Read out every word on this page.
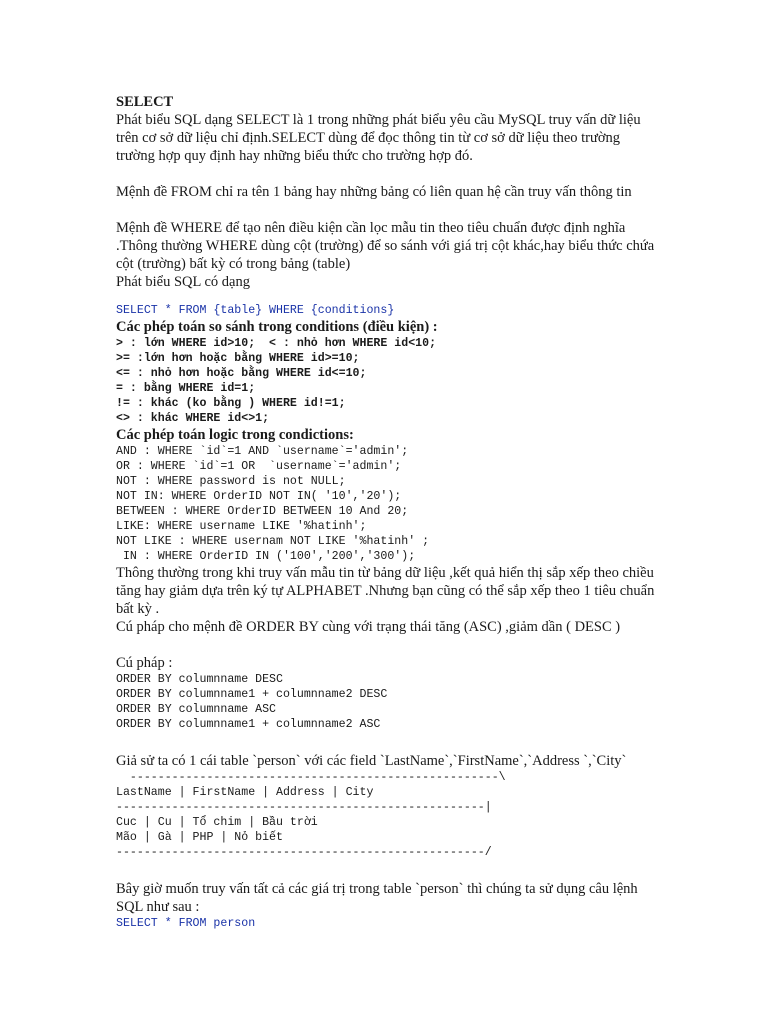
SELECT

Phát biểu SQL dạng SELECT là 1 trong những phát biểu yêu cầu MySQL truy vấn dữ liệu trên cơ sở dữ liệu chỉ định.SELECT dùng để đọc thông tin từ cơ sở dữ liệu theo trường trường hợp quy định hay những biểu thức cho trường hợp đó.

Mệnh đề FROM chỉ ra tên 1 bảng hay những bảng có liên quan hệ cần truy vấn thông tin

Mệnh đề WHERE để tạo nên điều kiện cần lọc mẫu tin theo tiêu chuẩn được định nghĩa .Thông thường WHERE dùng cột (trường) để so sánh với giá trị cột khác,hay biểu thức chứa cột (trường) bất kỳ có trong bảng (table)

Phát biểu SQL có dạng

SELECT * FROM {table} WHERE {conditions}
Các phép toán so sánh trong conditions (điều kiện) :
> : lớn WHERE id>10;  < : nhỏ hơn WHERE id<10;
>= :lớn hơn hoặc bằng WHERE id>=10;
<= : nhỏ hơn hoặc bằng WHERE id<=10;
= : bằng WHERE id=1;
!= : khác (ko bằng ) WHERE id!=1;
<> : khác WHERE id<>1;
Các phép toán logic trong condictions:
AND : WHERE `id`=1 AND `username`='admin';
OR : WHERE `id`=1 OR  `username`='admin';
NOT : WHERE password is not NULL;
NOT IN: WHERE OrderID NOT IN( '10','20');
BETWEEN : WHERE OrderID BETWEEN 10 And 20;
LIKE: WHERE username LIKE '%hatinh';
NOT LIKE : WHERE usernam NOT LIKE '%hatinh' ;
IN : WHERE OrderID IN ('100','200','300');

Thông thường trong khi truy vấn mẫu tin từ bảng dữ liệu ,kết quả hiển thị sắp xếp theo chiều tăng hay giảm dựa trên ký tự ALPHABET .Nhưng bạn cũng có thể sắp xếp theo 1 tiêu chuẩn bất kỳ .

Cú pháp cho mệnh đề ORDER BY cùng với trạng thái tăng (ASC) ,giảm dần ( DESC )

Cú pháp :

ORDER BY columnname DESC
ORDER BY columnname1 + columnname2 DESC
ORDER BY columnname ASC
ORDER BY columnname1 + columnname2 ASC

Giả sử ta có 1 cái table `person` với các field `LastName`,`FirstName`,`Address `,`City`

-----------------------------------------------------\
LastName | FirstName | Address | City
-----------------------------------------------------|
Cuc | Cu | Tổ chim | Bầu trời
Mão | Gà | PHP | Nỏ biết
-----------------------------------------------------/

Bây giờ muốn truy vấn tất cả các giá trị trong table `person` thì chúng ta sử dụng câu lệnh SQL như sau :

SELECT * FROM person
